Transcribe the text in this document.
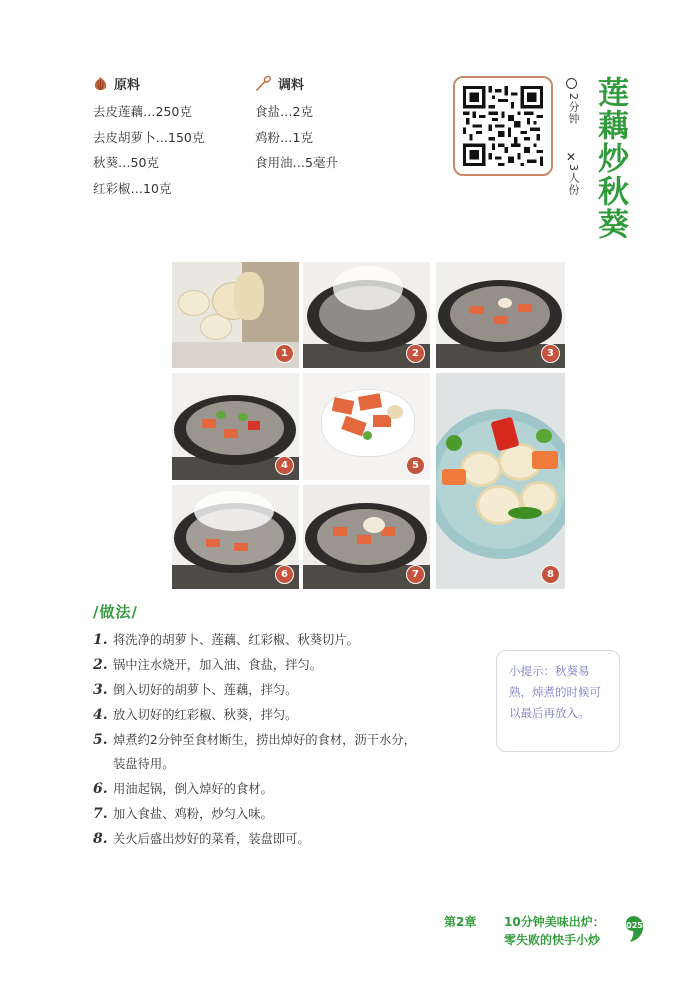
原料
去皮莲藕…250克
去皮胡萝卜…150克
秋葵…50克
红彩椒…10克
调料
食盐…2克
鸡粉…1克
食用油…5毫升
2分钟
✕
3人份 莲藕炒秋葵
1	2	3
4	5
6	7	8
/做法/
1. 将洗净的胡萝卜、莲藕、红彩椒、秋葵切片。
2. 锅中注水烧开，加入油、食盐，拌匀。
3. 倒入切好的胡萝卜、莲藕，拌匀。
4. 放入切好的红彩椒、秋葵，拌匀。
5. 焯煮约2分钟至食材断生，捞出焯好的食材，沥干水分，
装盘待用。
6. 用油起锅，倒入焯好的食材。
7. 加入食盐、鸡粉，炒匀入味。
8. 关火后盛出炒好的菜肴，装盘即可。
小提示：秋葵易
熟，焯煮的时候可
以最后再放入。
第2章 10分钟美味出炉：
零失败的快手小炒
025
